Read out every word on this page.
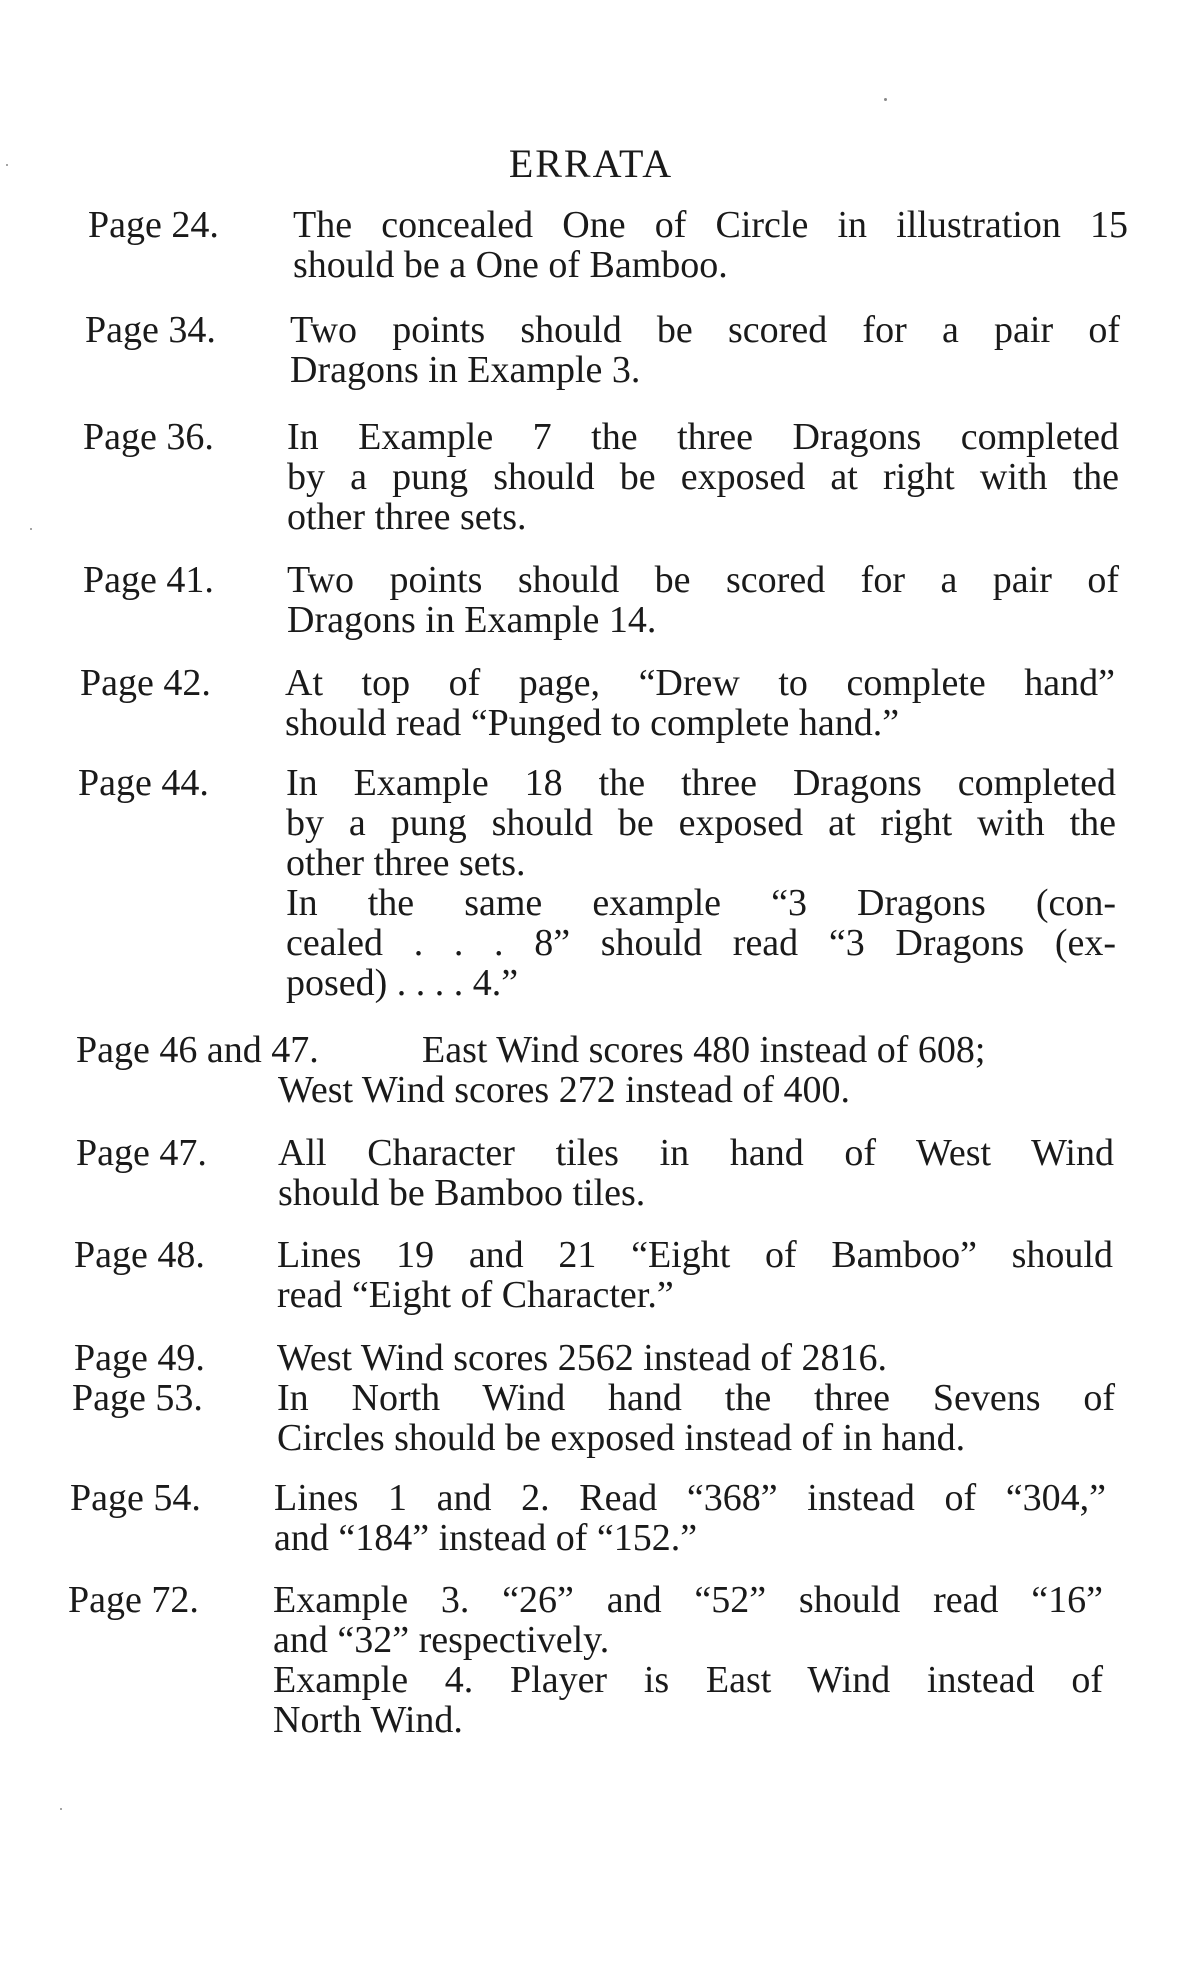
ERRATA
Page 24. The concealed One of Circle in illustration 15
should be a One of Bamboo.
Page 34. Two points should be scored for a pair of
Dragons in Example 3.
Page 36. In Example 7 the three Dragons completed
by a pung should be exposed at right with the
other three sets.
Page 41. Two points should be scored for a pair of
Dragons in Example 14.
Page 42. At top of page, “Drew to complete hand”
should read “Punged to complete hand.”
Page 44. In Example 18 the three Dragons completed
by a pung should be exposed at right with the
other three sets.
In the same example “3 Dragons (con-
cealed . . . 8” should read “3 Dragons (ex-
posed) . . . . 4.”
Page 46 and 47.	East Wind scores 480 instead of 608;
West Wind scores 272 instead of 400.
Page 47. All Character tiles in hand of West Wind
should be Bamboo tiles.
Page 48. Lines 19 and 21 “Eight of Bamboo” should
read “Eight of Character.”
Page 49. West Wind scores 2562 instead of 2816.
Page 53. In North Wind hand the three Sevens of
Circles should be exposed instead of in hand.
Page 54. Lines 1 and 2. Read “368” instead of “304,”
and “184” instead of “152.”
Page 72. Example 3. “26” and “52” should read “16”
and “32” respectively.
Example 4. Player is East Wind instead of
North Wind.
